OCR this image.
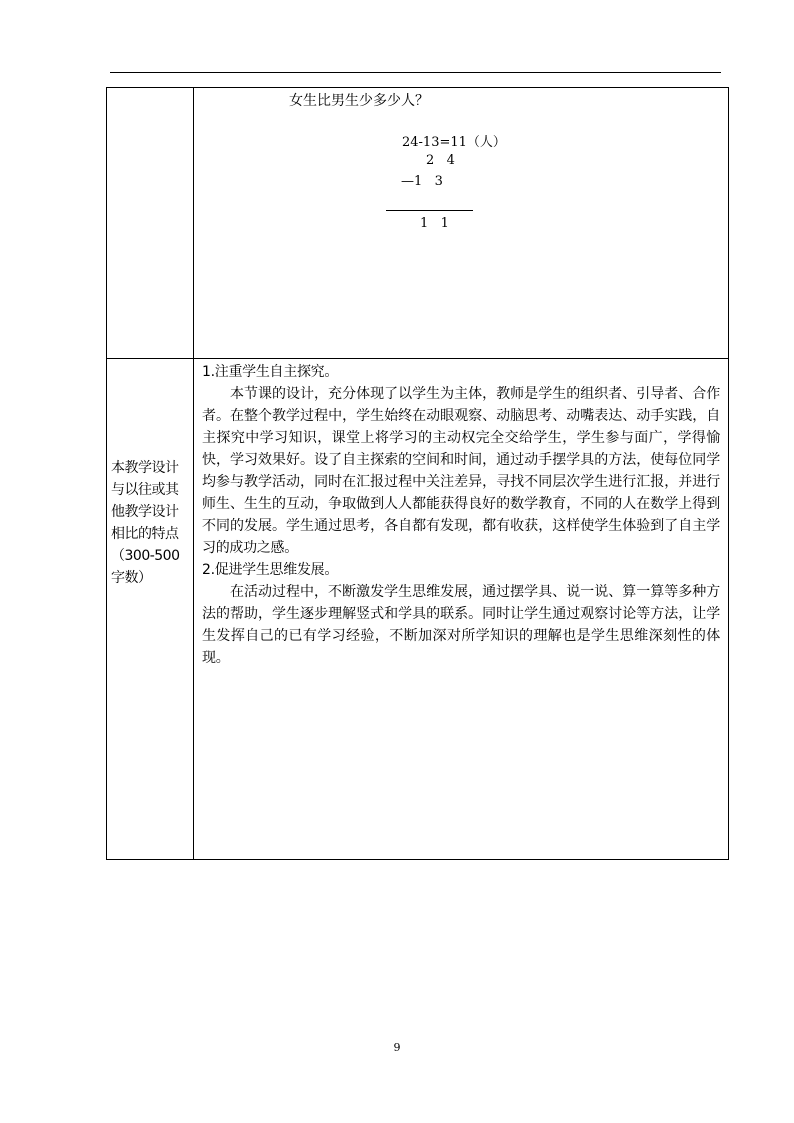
	女生比男生少多少人？
24-13=11（人）
2   4
—1   3
1   1

本教学设计与以往或其他教学设计相比的特点（300-500字数）	1.注重学生自主探究。

本节课的设计，充分体现了以学生为主体，教师是学生的组织者、引导者、合作者。在整个教学过程中，学生始终在动眼观察、动脑思考、动嘴表达、动手实践，自主探究中学习知识，课堂上将学习的主动权完全交给学生，学生参与面广，学得愉快，学习效果好。设了自主探索的空间和时间，通过动手摆学具的方法，使每位同学均参与教学活动，同时在汇报过程中关注差异，寻找不同层次学生进行汇报，并进行师生、生生的互动，争取做到人人都能获得良好的数学教育，不同的人在数学上得到不同的发展。学生通过思考，各自都有发现，都有收获，这样使学生体验到了自主学习的成功之感。

2.促进学生思维发展。

在活动过程中，不断激发学生思维发展，通过摆学具、说一说、算一算等多种方法的帮助，学生逐步理解竖式和学具的联系。同时让学生通过观察讨论等方法，让学生发挥自己的已有学习经验，不断加深对所学知识的理解也是学生思维深刻性的体现。

9
